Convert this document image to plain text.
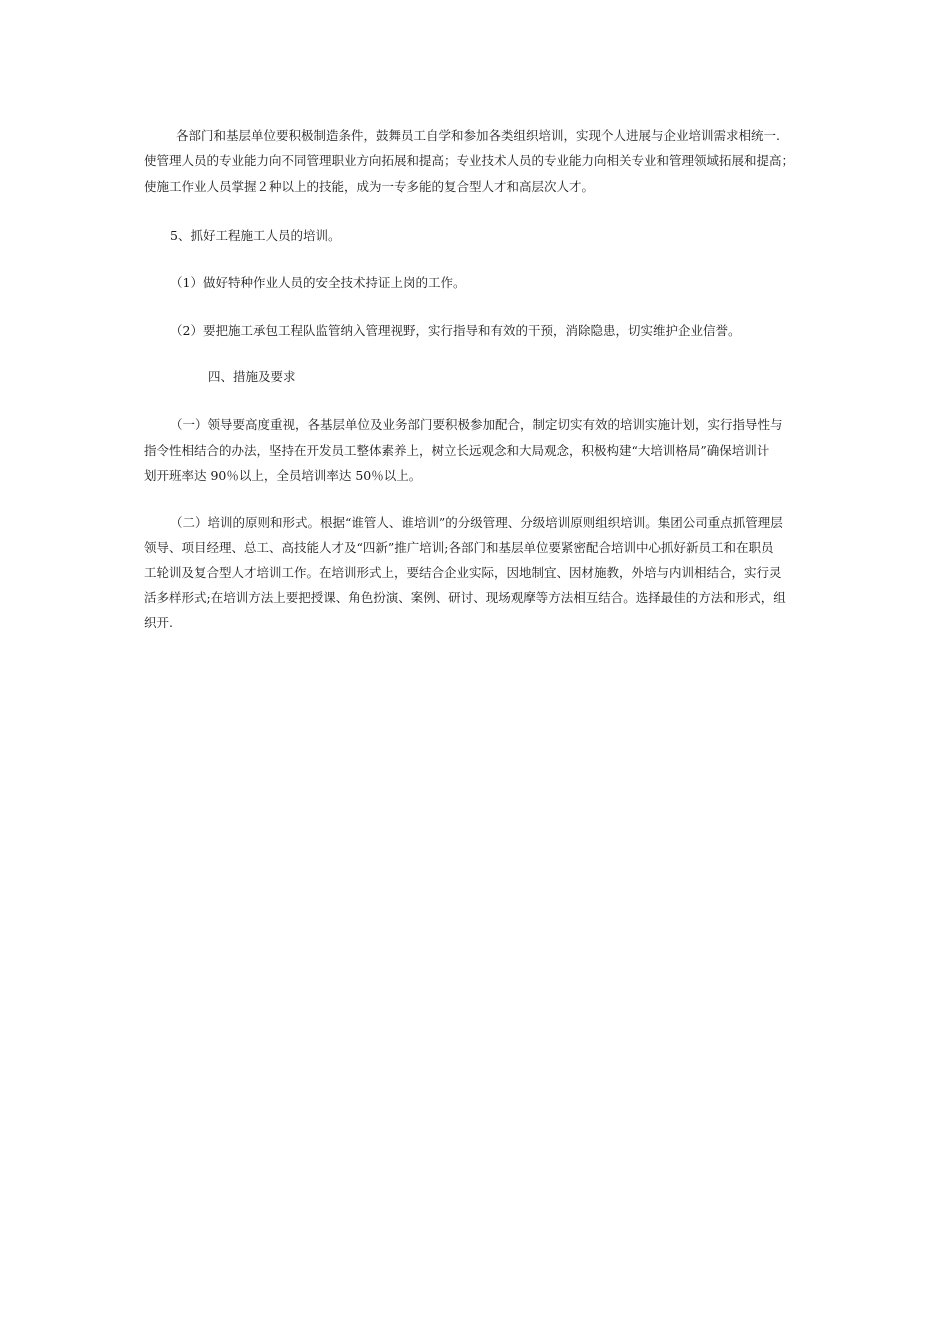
各部门和基层单位要积极制造条件，鼓舞员工自学和参加各类组织培训，实现个人进展与企业培训需求相统一.
使管理人员的专业能力向不同管理职业方向拓展和提高；专业技术人员的专业能力向相关专业和管理领域拓展和提高；
使施工作业人员掌握２种以上的技能，成为一专多能的复合型人才和高层次人才。
5、抓好工程施工人员的培训。
（1）做好特种作业人员的安全技术持证上岗的工作。
（2）要把施工承包工程队监管纳入管理视野，实行指导和有效的干预，消除隐患，切实维护企业信誉。
四、措施及要求
（一）领导要高度重视，各基层单位及业务部门要积极参加配合，制定切实有效的培训实施计划，实行指导性与
指令性相结合的办法，坚持在开发员工整体素养上，树立长远观念和大局观念，积极构建“大培训格局”确保培训计
划开班率达 90％以上，全员培训率达 50％以上。
（二）培训的原则和形式。根据“谁管人、谁培训”的分级管理、分级培训原则组织培训。集团公司重点抓管理层
领导、项目经理、总工、高技能人才及“四新”推广培训;各部门和基层单位要紧密配合培训中心抓好新员工和在职员
工轮训及复合型人才培训工作。在培训形式上，要结合企业实际，因地制宜、因材施教，外培与内训相结合，实行灵
活多样形式;在培训方法上要把授课、角色扮演、案例、研讨、现场观摩等方法相互结合。选择最佳的方法和形式，组
织开.
